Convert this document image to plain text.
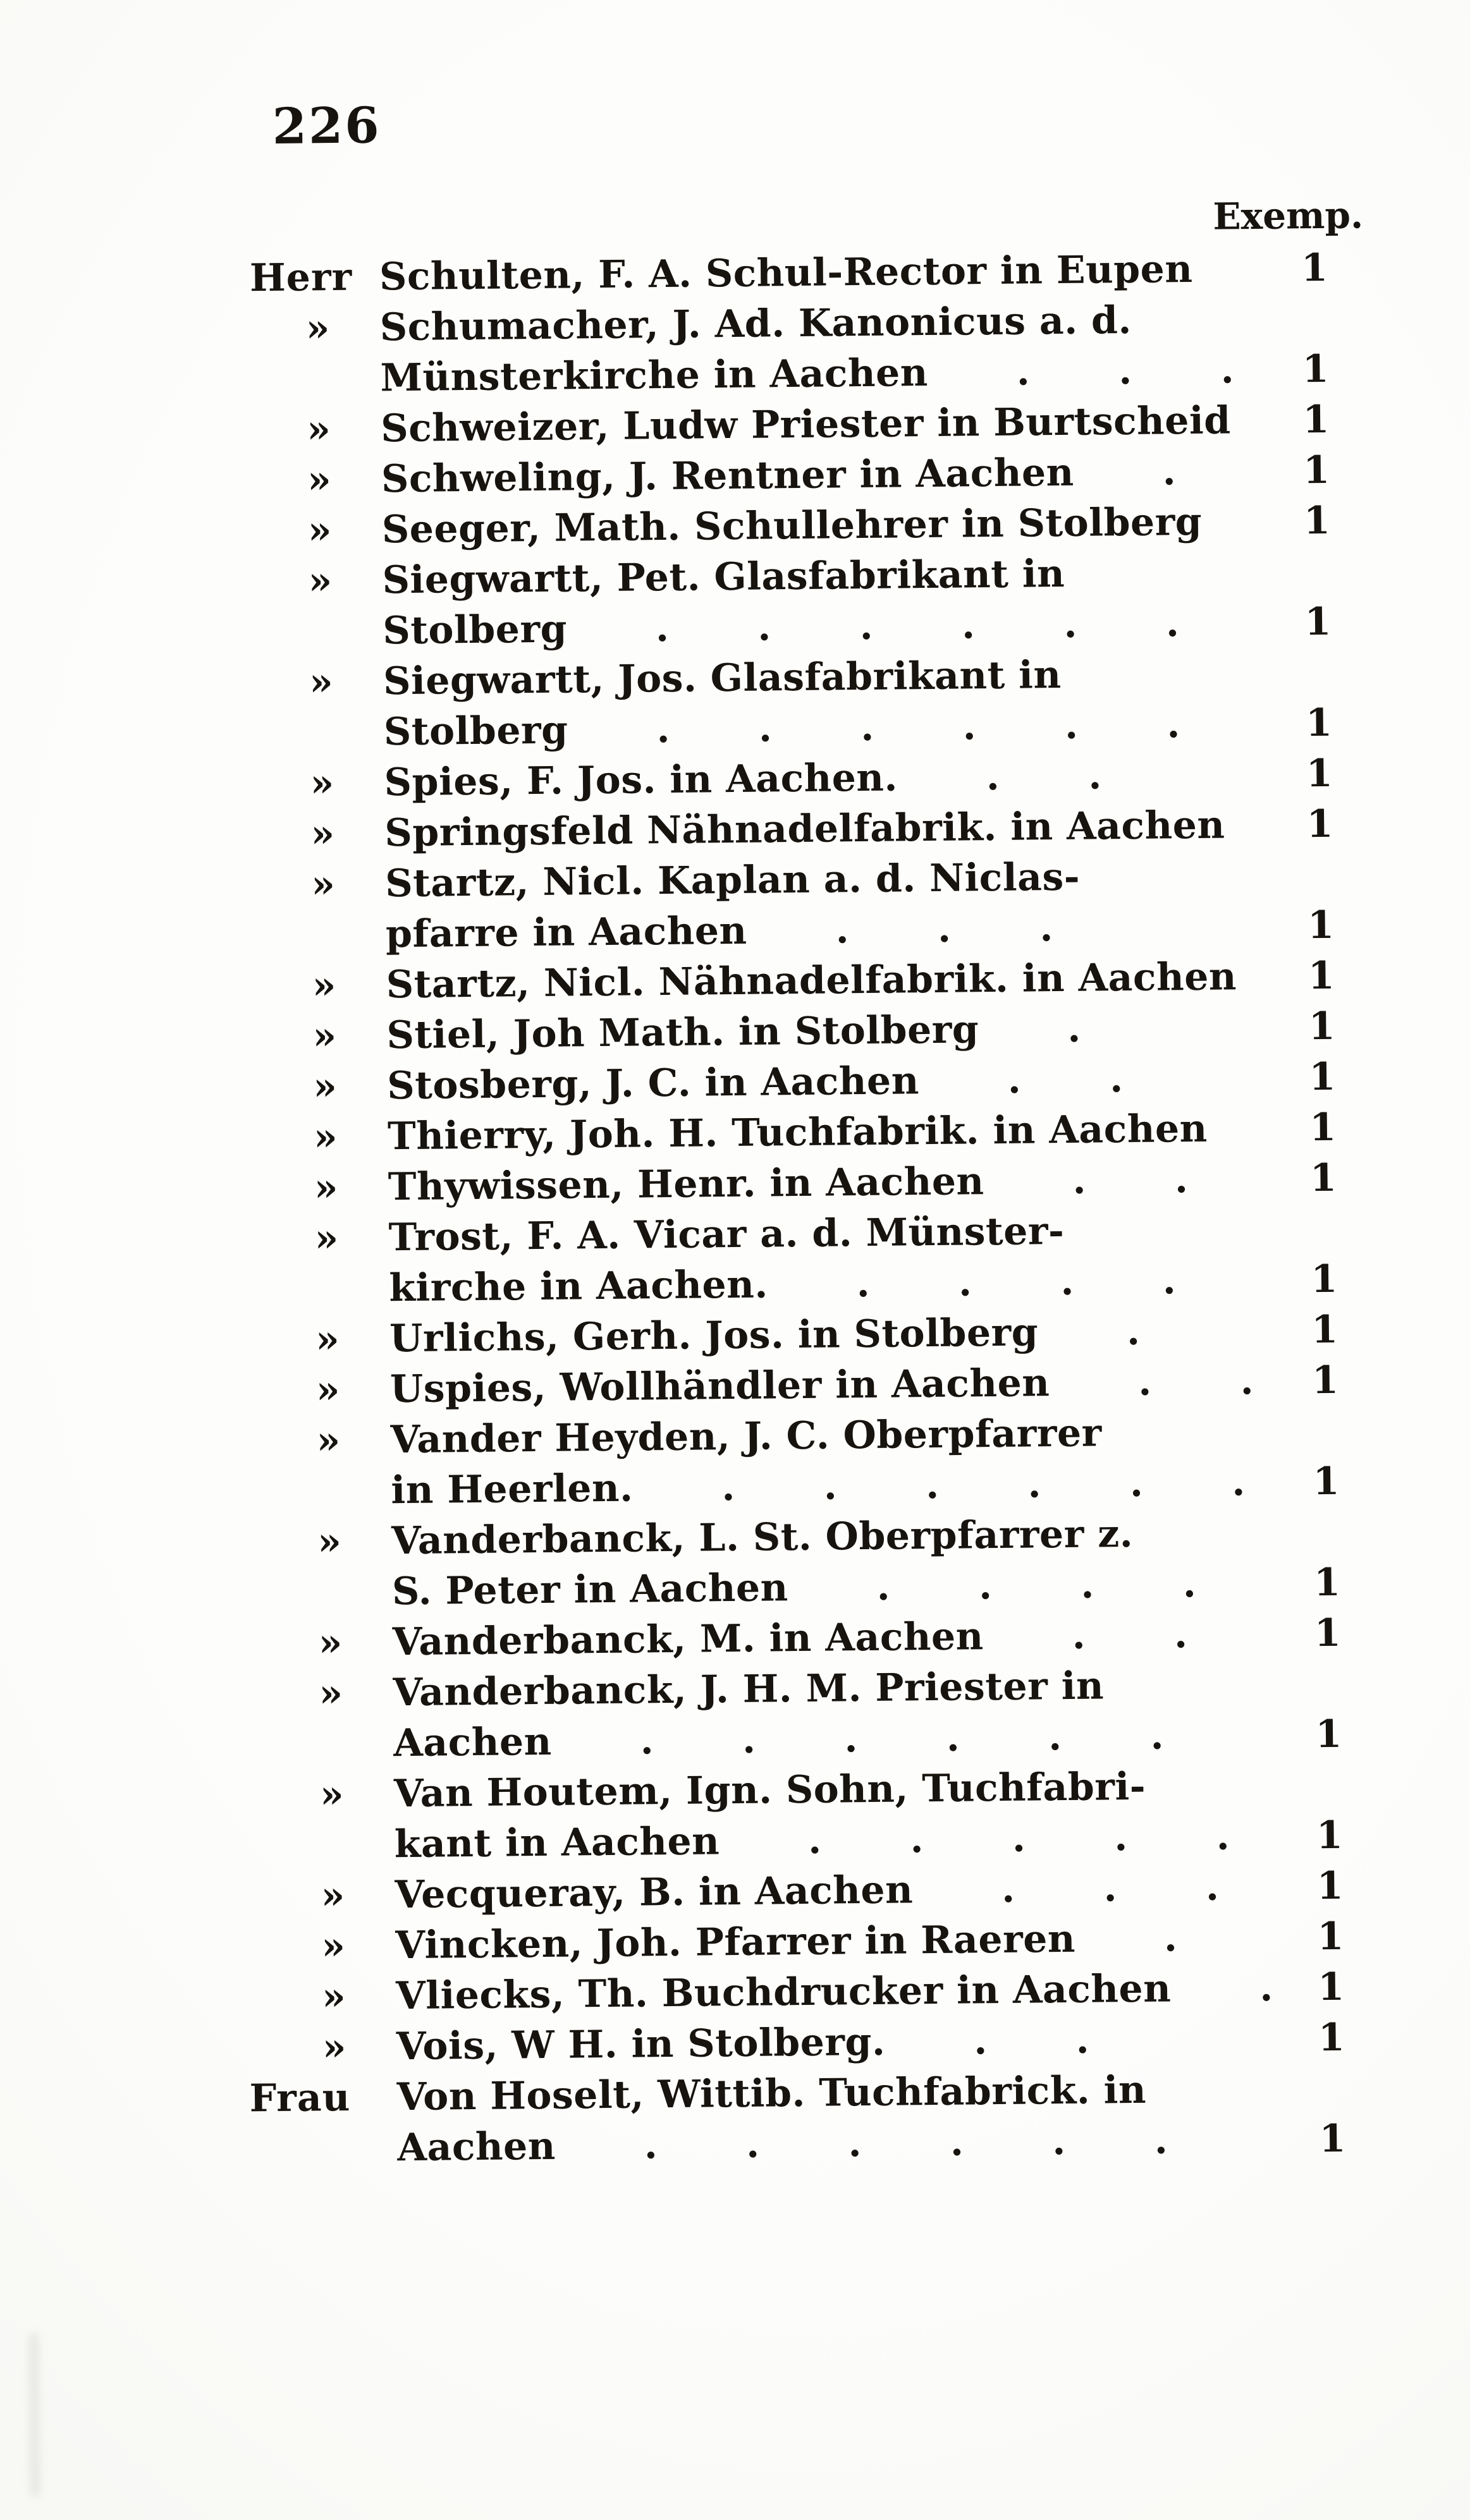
226
Exemp.
Herr Schulten, F. A. Schul-Rector in Eupen	1
»	Schumacher, J. Ad. Kanonicus a. d.
Münsterkirche in Aachen . . .	1
»	Schweizer, Ludw Priester in Burtscheid	1
»	Schweling, J. Rentner in Aachen .	1
»	Seeger, Math. Schullehrer in Stolberg	1
»	Siegwartt, Pet. Glasfabrikant in
Stolberg . . . . . .	1
»	Siegwartt, Jos. Glasfabrikant in
Stolberg . . . . . .	1
»	Spies, F. Jos. in Aachen. . .	1
»	Springsfeld Nähnadelfabrik. in Aachen	1
»	Startz, Nicl. Kaplan a. d. Niclas-
pfarre in Aachen . . .	1
»	Startz, Nicl. Nähnadelfabrik. in Aachen	1
»	Stiel, Joh Math. in Stolberg .	1
»	Stosberg, J. C. in Aachen . .	1
»	Thierry, Joh. H. Tuchfabrik. in Aachen	1
»	Thywissen, Henr. in Aachen . .	1
»	Trost, F. A. Vicar a. d. Münster-
kirche in Aachen. . . . .	1
»	Urlichs, Gerh. Jos. in Stolberg .	1
»	Uspies, Wollhändler in Aachen . .	1
»	Vander Heyden, J. C. Oberpfarrer
in Heerlen. . . . . . .	1
»	Vanderbanck, L. St. Oberpfarrer z.
S. Peter in Aachen . . . .	1
»	Vanderbanck, M. in Aachen . .	1
»	Vanderbanck, J. H. M. Priester in
Aachen . . . . . .	1
»	Van Houtem, Ign. Sohn, Tuchfabri-
kant in Aachen . . . . .	1
»	Vecqueray, B. in Aachen . . .	1
»	Vincken, Joh. Pfarrer in Raeren .	1
»	Vliecks, Th. Buchdrucker in Aachen .	1
»	Vois, W H. in Stolberg. . .	1
Frau	Von Hoselt, Wittib. Tuchfabrick. in
Aachen . . . . . .	1
